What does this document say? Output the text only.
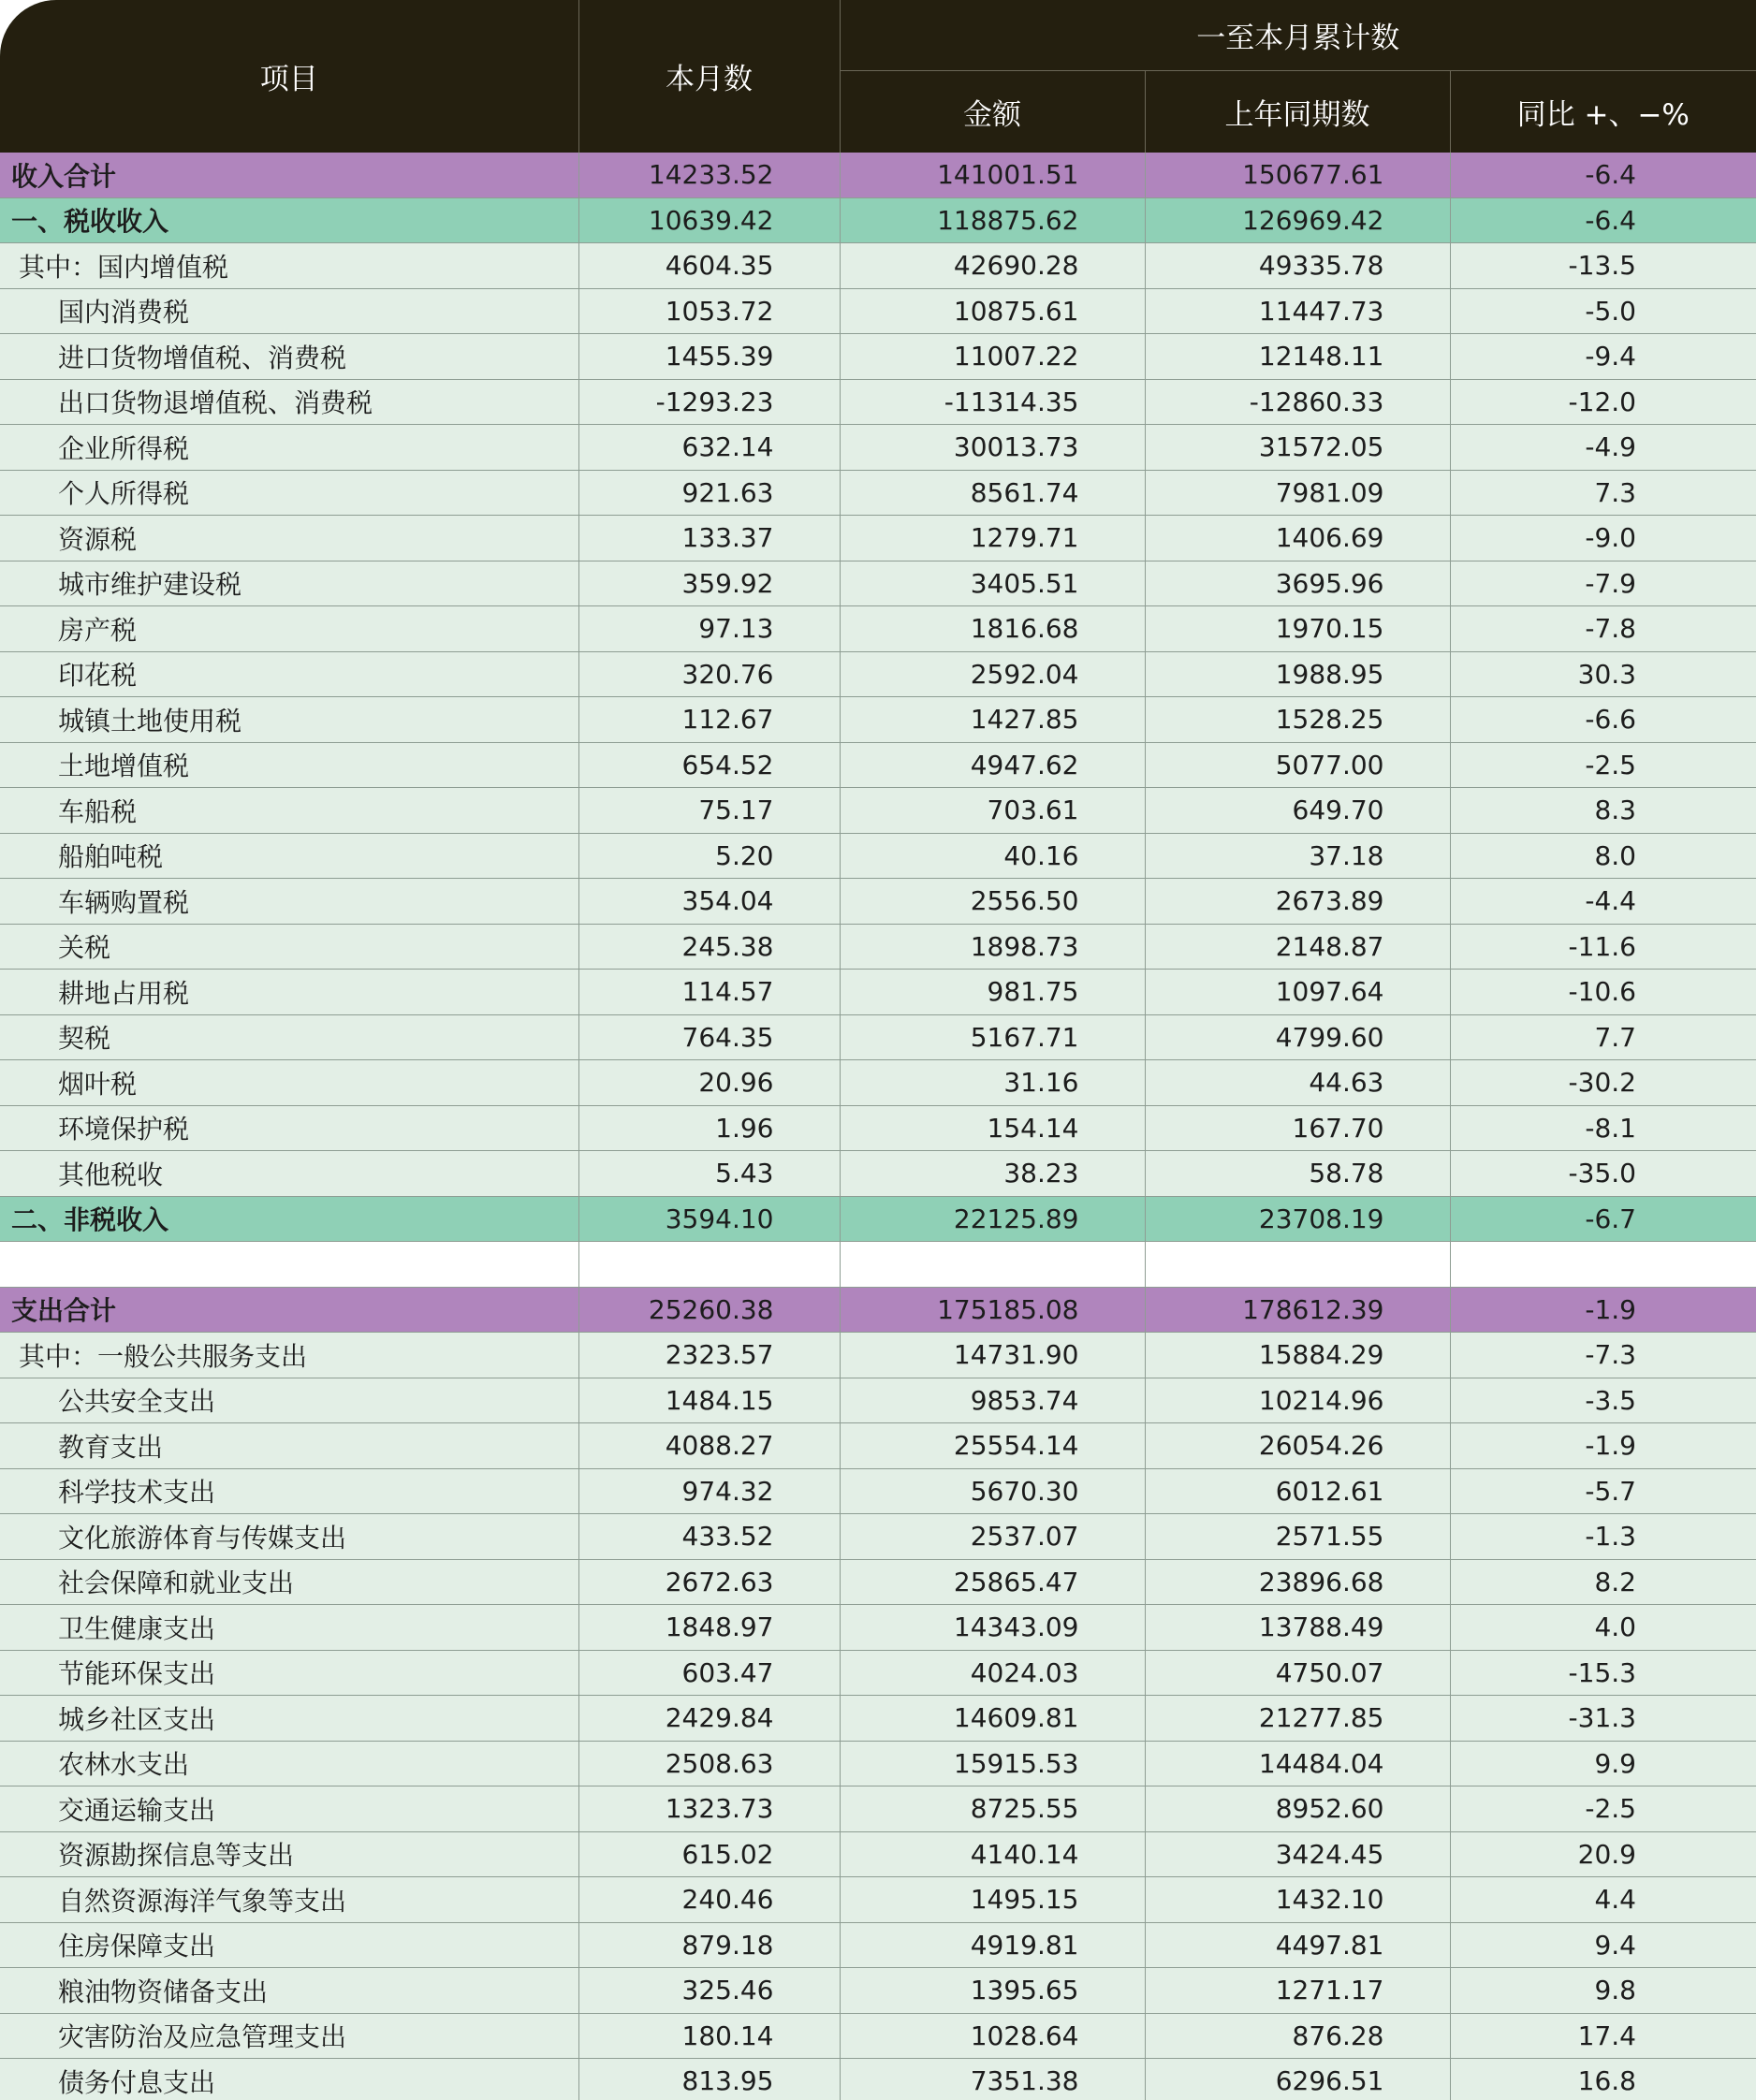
项目	本月数	一至本月累计数		
		金额	上年同期数	同比 +、−%
收入合计	14233.52	141001.51	150677.61	-6.4
一、税收收入	10639.42	118875.62	126969.42	-6.4
其中：国内增值税	4604.35	42690.28	49335.78	-13.5
国内消费税	1053.72	10875.61	11447.73	-5.0
进口货物增值税、消费税	1455.39	11007.22	12148.11	-9.4
出口货物退增值税、消费税	-1293.23	-11314.35	-12860.33	-12.0
企业所得税	632.14	30013.73	31572.05	-4.9
个人所得税	921.63	8561.74	7981.09	7.3
资源税	133.37	1279.71	1406.69	-9.0
城市维护建设税	359.92	3405.51	3695.96	-7.9
房产税	97.13	1816.68	1970.15	-7.8
印花税	320.76	2592.04	1988.95	30.3
城镇土地使用税	112.67	1427.85	1528.25	-6.6
土地增值税	654.52	4947.62	5077.00	-2.5
车船税	75.17	703.61	649.70	8.3
船舶吨税	5.20	40.16	37.18	8.0
车辆购置税	354.04	2556.50	2673.89	-4.4
关税	245.38	1898.73	2148.87	-11.6
耕地占用税	114.57	981.75	1097.64	-10.6
契税	764.35	5167.71	4799.60	7.7
烟叶税	20.96	31.16	44.63	-30.2
环境保护税	1.96	154.14	167.70	-8.1
其他税收	5.43	38.23	58.78	-35.0
二、非税收入	3594.10	22125.89	23708.19	-6.7

支出合计	25260.38	175185.08	178612.39	-1.9
其中：一般公共服务支出	2323.57	14731.90	15884.29	-7.3
公共安全支出	1484.15	9853.74	10214.96	-3.5
教育支出	4088.27	25554.14	26054.26	-1.9
科学技术支出	974.32	5670.30	6012.61	-5.7
文化旅游体育与传媒支出	433.52	2537.07	2571.55	-1.3
社会保障和就业支出	2672.63	25865.47	23896.68	8.2
卫生健康支出	1848.97	14343.09	13788.49	4.0
节能环保支出	603.47	4024.03	4750.07	-15.3
城乡社区支出	2429.84	14609.81	21277.85	-31.3
农林水支出	2508.63	15915.53	14484.04	9.9
交通运输支出	1323.73	8725.55	8952.60	-2.5
资源勘探信息等支出	615.02	4140.14	3424.45	20.9
自然资源海洋气象等支出	240.46	1495.15	1432.10	4.4
住房保障支出	879.18	4919.81	4497.81	9.4
粮油物资储备支出	325.46	1395.65	1271.17	9.8
灾害防治及应急管理支出	180.14	1028.64	876.28	17.4
债务付息支出	813.95	7351.38	6296.51	16.8
